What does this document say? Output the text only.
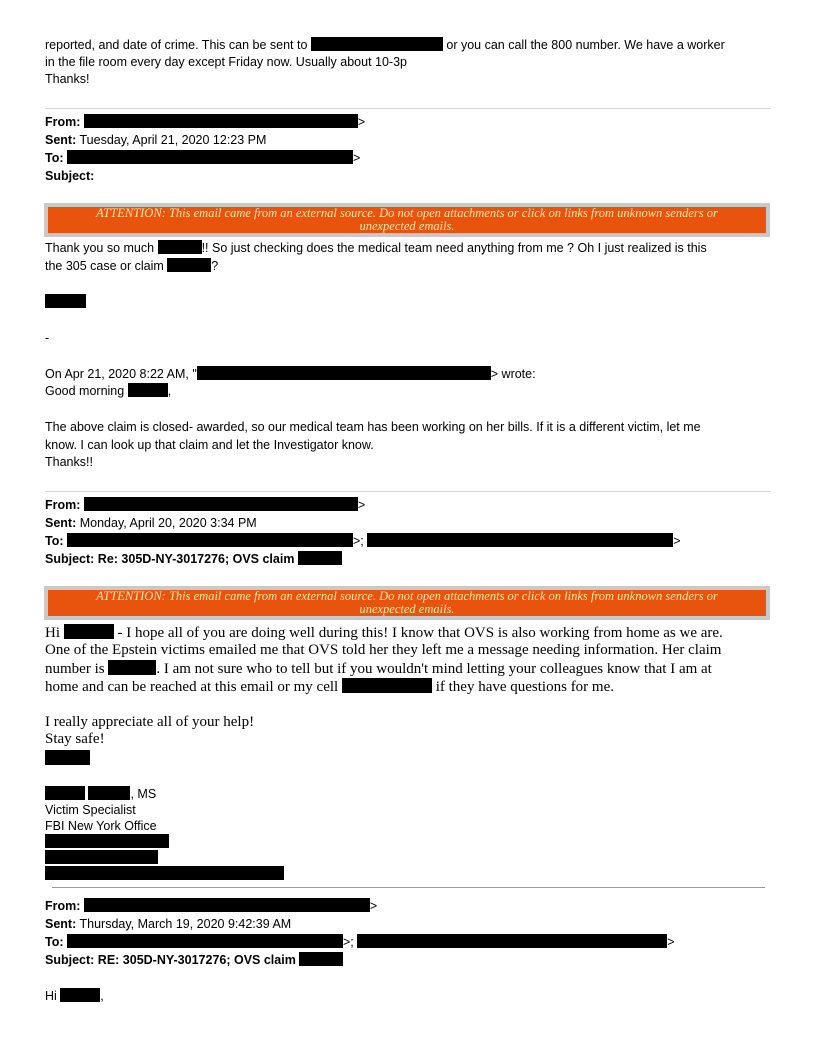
reported, and date of crime. This can be sent to	or you can call the 800 number. We have a worker
in the file room every day except Friday now. Usually about 10-3p
Thanks!
From:	>
Sent: Tuesday, April 21, 2020 12:23 PM
To:	>
Subject:
ATTENTION: This email came from an external source. Do not open attachments or click on links from unknown senders or
unexpected emails.
Thank you so much	!! So just checking does the medical team need anything from me ? Oh I just realized is this
the 305 case or claim	?
-
On Apr 21, 2020 8:22 AM, "	> wrote:
Good morning	,
The above claim is closed- awarded, so our medical team has been working on her bills. If it is a different victim, let me
know. I can look up that claim and let the Investigator know.
Thanks!!
From:	>
Sent: Monday, April 20, 2020 3:34 PM
To:	>;	>
Subject: Re: 305D-NY-3017276; OVS claim
ATTENTION: This email came from an external source. Do not open attachments or click on links from unknown senders or
unexpected emails.
Hi	- I hope all of you are doing well during this! I know that OVS is also working from home as we are.
One of the Epstein victims emailed me that OVS told her they left me a message needing information. Her claim
number is	. I am not sure who to tell but if you wouldn't mind letting your colleagues know that I am at
home and can be reached at this email or my cell	if they have questions for me.
I really appreciate all of your help!
Stay safe!
, MS
Victim Specialist
FBI New York Office
From:	>
Sent: Thursday, March 19, 2020 9:42:39 AM
To:	>;	>
Subject: RE: 305D-NY-3017276; OVS claim
Hi	,
